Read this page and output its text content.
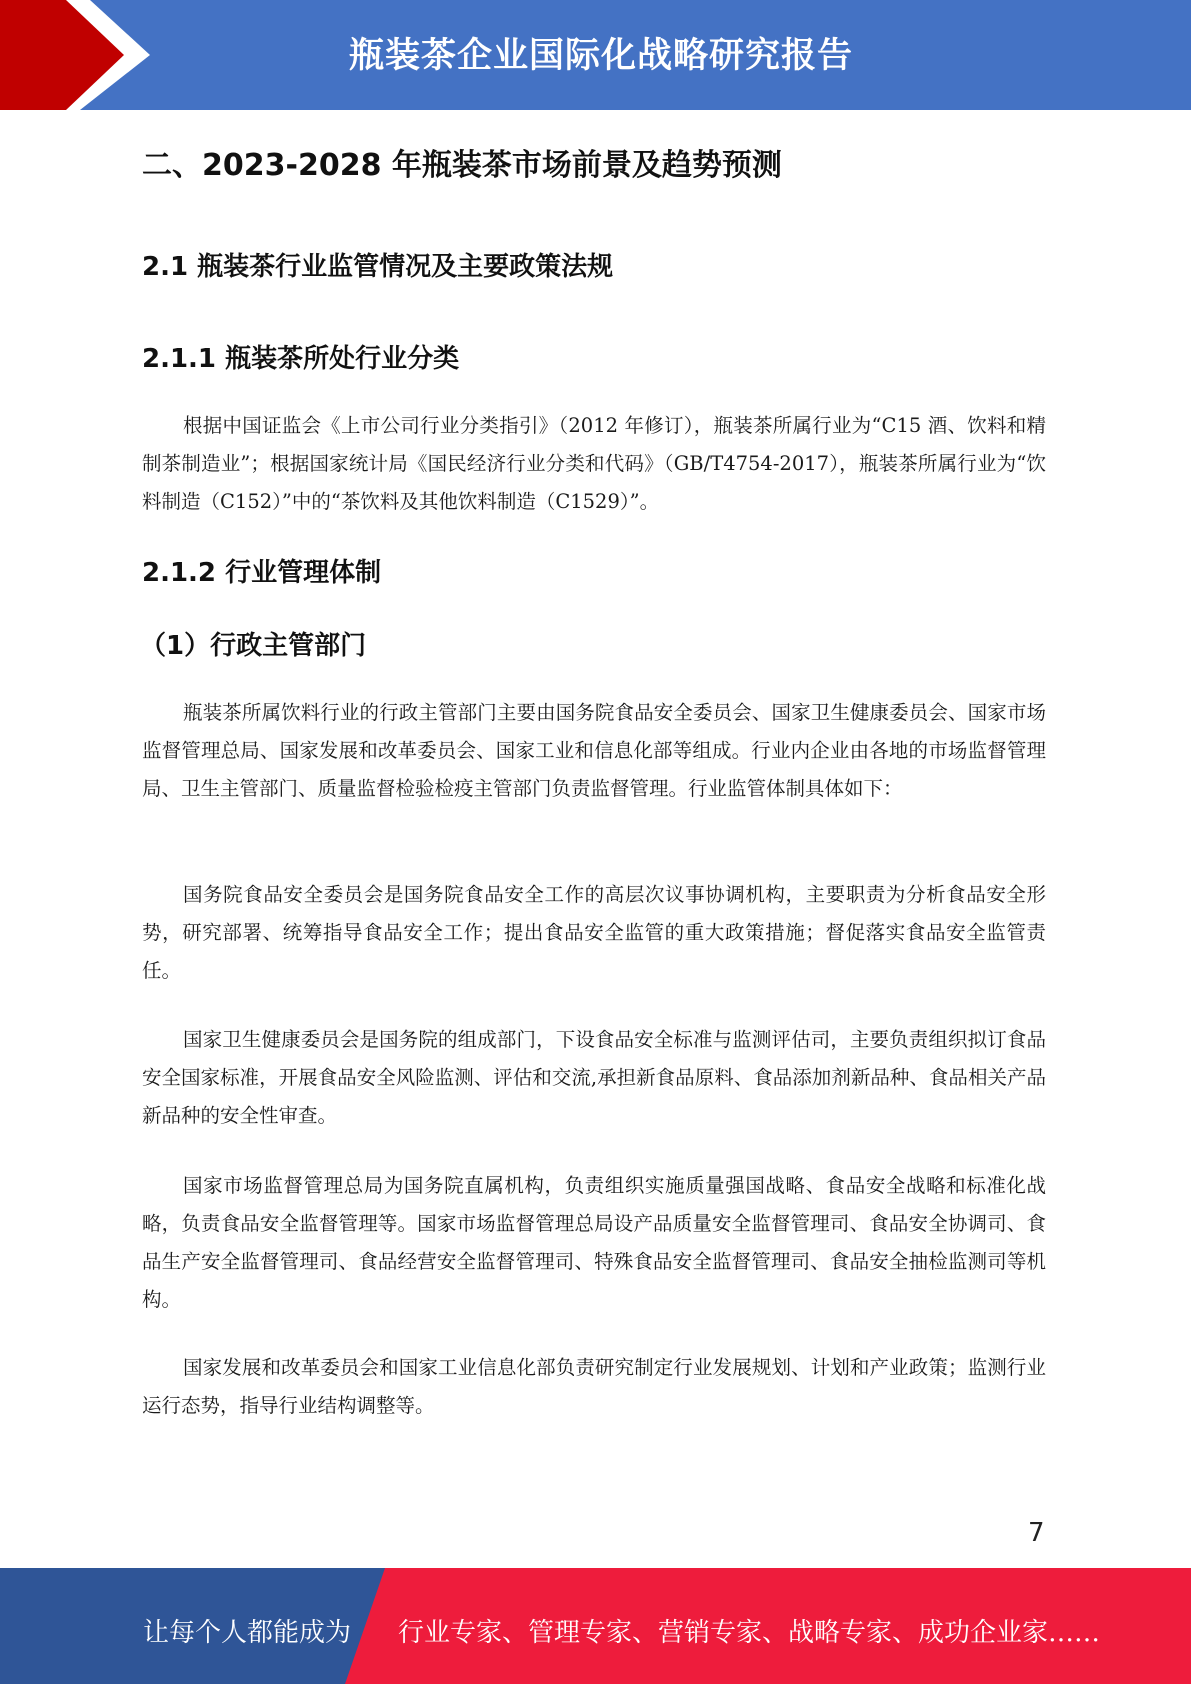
瓶装茶企业国际化战略研究报告
二、2023-2028 年瓶装茶市场前景及趋势预测
2.1 瓶装茶行业监管情况及主要政策法规
2.1.1 瓶装茶所处行业分类

根据中国证监会《上市公司行业分类指引》（2012 年修订），瓶装茶所属行业为“C15 酒、饮料和精制茶制造业”；根据国家统计局《国民经济行业分类和代码》（GB/T4754-2017），瓶装茶所属行业为“饮料制造（C152）”中的“茶饮料及其他饮料制造（C1529）”。

2.1.2 行业管理体制
（1）行政主管部门

瓶装茶所属饮料行业的行政主管部门主要由国务院食品安全委员会、国家卫生健康委员会、国家市场监督管理总局、国家发展和改革委员会、国家工业和信息化部等组成。行业内企业由各地的市场监督管理局、卫生主管部门、质量监督检验检疫主管部门负责监督管理。行业监管体制具体如下：

国务院食品安全委员会是国务院食品安全工作的高层次议事协调机构，主要职责为分析食品安全形势，研究部署、统筹指导食品安全工作；提出食品安全监管的重大政策措施；督促落实食品安全监管责任。

国家卫生健康委员会是国务院的组成部门，下设食品安全标准与监测评估司，主要负责组织拟订食品安全国家标准，开展食品安全风险监测、评估和交流,承担新食品原料、食品添加剂新品种、食品相关产品新品种的安全性审查。

国家市场监督管理总局为国务院直属机构，负责组织实施质量强国战略、食品安全战略和标准化战略，负责食品安全监督管理等。国家市场监督管理总局设产品质量安全监督管理司、食品安全协调司、食品生产安全监督管理司、食品经营安全监督管理司、特殊食品安全监督管理司、食品安全抽检监测司等机构。

国家发展和改革委员会和国家工业信息化部负责研究制定行业发展规划、计划和产业政策；监测行业运行态势，指导行业结构调整等。

7
让每个人都能成为 行业专家、管理专家、营销专家、战略专家、成功企业家……
